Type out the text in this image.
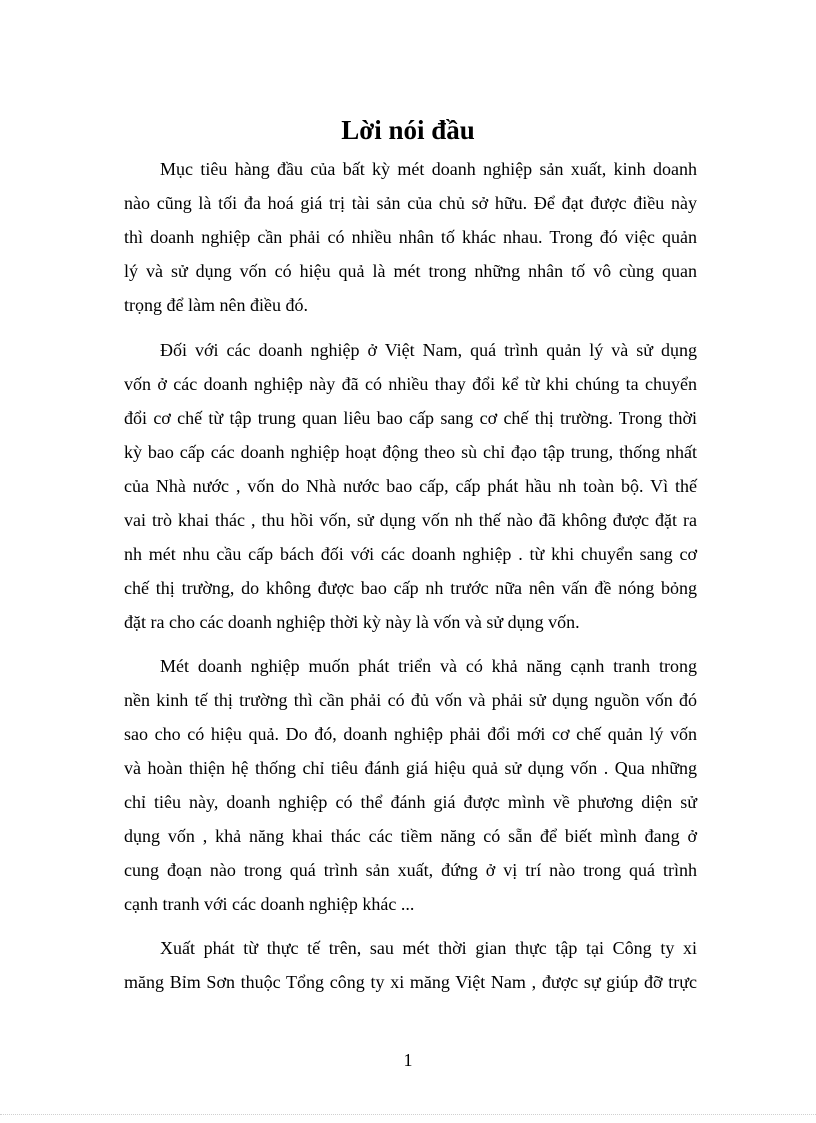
Lời nói đầu
Mục tiêu hàng đầu của bất kỳ mét doanh nghiệp sản xuất, kinh doanh
nào cũng là tối đa hoá giá trị tài sản của chủ sở hữu. Để đạt được điều này
thì doanh nghiệp cần phải có nhiều nhân tố khác nhau. Trong đó việc quản
lý và sử dụng vốn có hiệu quả là mét trong những nhân tố vô cùng quan
trọng để làm nên điều đó.
Đối với các doanh nghiệp ở Việt Nam, quá trình quản lý và sử dụng
vốn ở các doanh nghiệp này đã có nhiều thay đổi kể từ khi chúng ta chuyển
đổi cơ chế từ tập trung quan liêu bao cấp sang cơ chế thị trường. Trong thời
kỳ bao cấp các doanh nghiệp hoạt động theo sù chỉ đạo tập trung, thống nhất
của Nhà nước , vốn do Nhà nước bao cấp, cấp phát hầu nh toàn bộ. Vì thế
vai trò khai thác , thu hồi vốn, sử dụng vốn nh thế nào đã không được đặt ra
nh mét nhu cầu cấp bách đối với các doanh nghiệp . từ khi chuyển sang cơ
chế thị trường, do không được bao cấp nh trước nữa nên vấn đề nóng bỏng
đặt ra cho các doanh nghiệp thời kỳ này là vốn và sử dụng vốn.
Mét doanh nghiệp muốn phát triển và có khả năng cạnh tranh trong
nền kinh tế thị trường thì cần phải có đủ vốn và phải sử dụng nguồn vốn đó
sao cho có hiệu quả. Do đó, doanh nghiệp phải đổi mới cơ chế quản lý vốn
và hoàn thiện hệ thống chỉ tiêu đánh giá hiệu quả sử dụng vốn . Qua những
chỉ tiêu này, doanh nghiệp có thể đánh giá được mình về phương diện sử
dụng vốn , khả năng khai thác các tiềm năng có sẵn để biết mình đang ở
cung đoạn nào trong quá trình sản xuất, đứng ở vị trí nào trong quá trình
cạnh tranh với các doanh nghiệp khác ...
Xuất phát từ thực tế trên, sau mét thời gian thực tập tại Công ty xi
măng Bỉm Sơn thuộc Tổng công ty xi măng Việt Nam , được sự giúp đỡ trực
1
